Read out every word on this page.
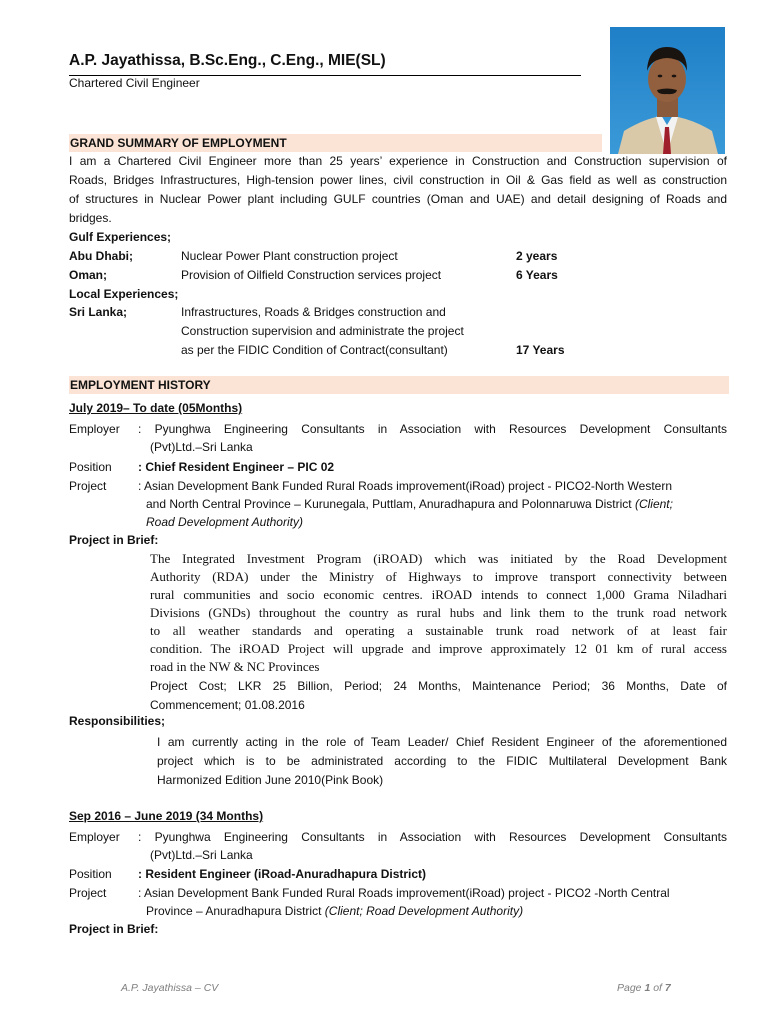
A.P. Jayathissa, B.Sc.Eng., C.Eng., MIE(SL)
Chartered Civil Engineer
GRAND SUMMARY OF EMPLOYMENT
I am a Chartered Civil Engineer more than 25 years’ experience in Construction and Construction supervision of
Roads, Bridges Infrastructures, High-tension power lines, civil construction in Oil & Gas field as well as construction
of structures in Nuclear Power plant including GULF countries (Oman and UAE) and detail designing of Roads and
bridges.
Gulf Experiences;
Abu Dhabi;	Nuclear Power Plant construction project	2 years
Oman;	Provision of Oilfield Construction services project	6 Years
Local Experiences;
Sri Lanka;	Infrastructures, Roads & Bridges construction and
Construction supervision and administrate the project
as per the FIDIC Condition of Contract(consultant)	17 Years
EMPLOYMENT HISTORY
July 2019– To date (05Months)
Employer : Pyunghwa Engineering Consultants in Association with Resources Development Consultants
(Pvt)Ltd.–Sri Lanka
Position : Chief Resident Engineer – PIC 02
Project	: Asian Development Bank Funded Rural Roads improvement(iRoad) project - PICO2-North Western
and North Central Province – Kurunegala, Puttlam, Anuradhapura and Polonnaruwa District (Client;
Road Development Authority)
Project in Brief:
The Integrated Investment Program (iROAD) which was initiated by the Road Development
Authority (RDA) under the Ministry of Highways to improve transport connectivity between
rural communities and socio economic centres. iROAD intends to connect 1,000 Grama Niladhari
Divisions (GNDs) throughout the country as rural hubs and link them to the trunk road network
to all weather standards and operating a sustainable trunk road network of at least fair
condition. The iROAD Project will upgrade and improve approximately 12 01 km of rural access
road in the NW & NC Provinces
Project Cost; LKR 25 Billion, Period; 24 Months, Maintenance Period; 36 Months, Date of
Commencement; 01.08.2016
Responsibilities;
I am currently acting in the role of Team Leader/ Chief Resident Engineer of the aforementioned
project which is to be administrated according to the FIDIC Multilateral Development Bank
Harmonized Edition June 2010(Pink Book)
Sep 2016 – June 2019 (34 Months)
Employer : Pyunghwa Engineering Consultants in Association with Resources Development Consultants
(Pvt)Ltd.–Sri Lanka
Position : Resident Engineer (iRoad-Anuradhapura District)
Project	: Asian Development Bank Funded Rural Roads improvement(iRoad) project - PICO2 -North Central
Province – Anuradhapura District (Client; Road Development Authority)
Project in Brief:
A.P. Jayathissa – CV	Page 1 of 7
